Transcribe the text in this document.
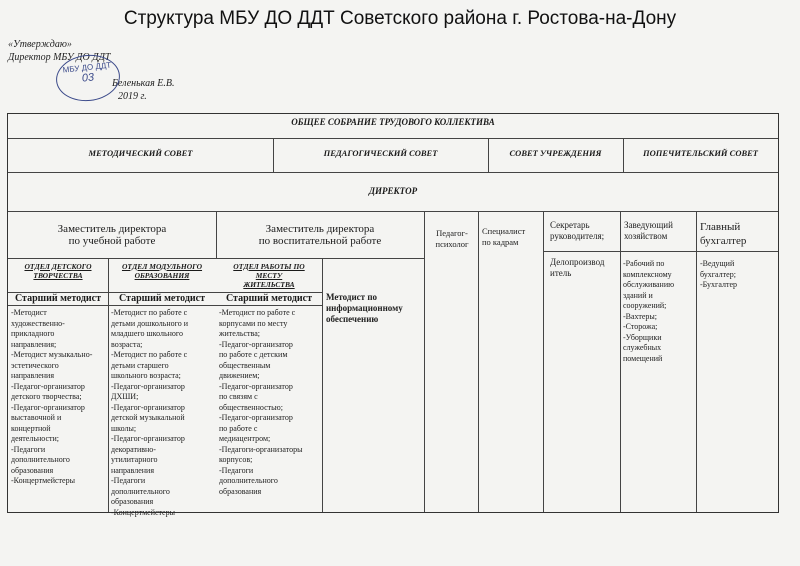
Структура МБУ ДО ДДТ Советского района г. Ростова-на-Дону
«Утверждаю»
Директор МБУ ДО ДДТ
Беленькая Е.В.
2019 г.
МБУ ДО ДДТ
03
ОБЩЕЕ СОБРАНИЕ ТРУДОВОГО КОЛЛЕКТИВА
МЕТОДИЧЕСКИЙ СОВЕТ	ПЕДАГОГИЧЕСКИЙ СОВЕТ	СОВЕТ УЧРЕЖДЕНИЯ	ПОПЕЧИТЕЛЬСКИЙ СОВЕТ
ДИРЕКТОР
Заместитель директора
по учебной работе
Заместитель директора
по воспитательной работе
Педагог-
психолог
Специалист
по кадрам
Секретарь
руководителя;
Делопроизвод
итель
Заведующий
хозяйством
Главный
бухгалтер
ОТДЕЛ ДЕТСКОГО
ТВОРЧЕСТВА
ОТДЕЛ МОДУЛЬНОГО
ОБРАЗОВАНИЯ
ОТДЕЛ РАБОТЫ ПО
МЕСТУ
ЖИТЕЛЬСТВА
Старший методист	Старший методист	Старший методист	Методист по
информационному
обеспечению
-Методист
художественно-
прикладного
направления;
-Методист музыкально-
эстетического
направления
-Педагог-организатор
детского творчества;
-Педагог-организатор
выставочной и
концертной
деятельности;
-Педагоги
дополнительного
образования
-Концертмейстеры
-Методист по работе с
детьми дошкольного и
младшего школьного
возраста;
-Методист по работе с
детьми старшего
школьного возраста;
-Педагог-организатор
ДХШИ;
-Педагог-организатор
детской музыкальной
школы;
-Педагог-организатор
декоративно-
утилитарного
направления
-Педагоги
дополнительного
образования
-Концертмейстеры
-Методист по работе с
корпусами по месту
жительства;
-Педагог-организатор
по работе с детским
общественным
движением;
-Педагог-организатор
по связям с
общественностью;
-Педагог-организатор
по работе с
медиацентром;
-Педагоги-организаторы
корпусов;
-Педагоги
дополнительного
образования
-Рабочий по
комплексному
обслуживанию
зданий и
сооружений;
-Вахтеры;
-Сторожа;
-Уборщики
служебных
помещений
-Ведущий
бухгалтер;
-Бухгалтер
